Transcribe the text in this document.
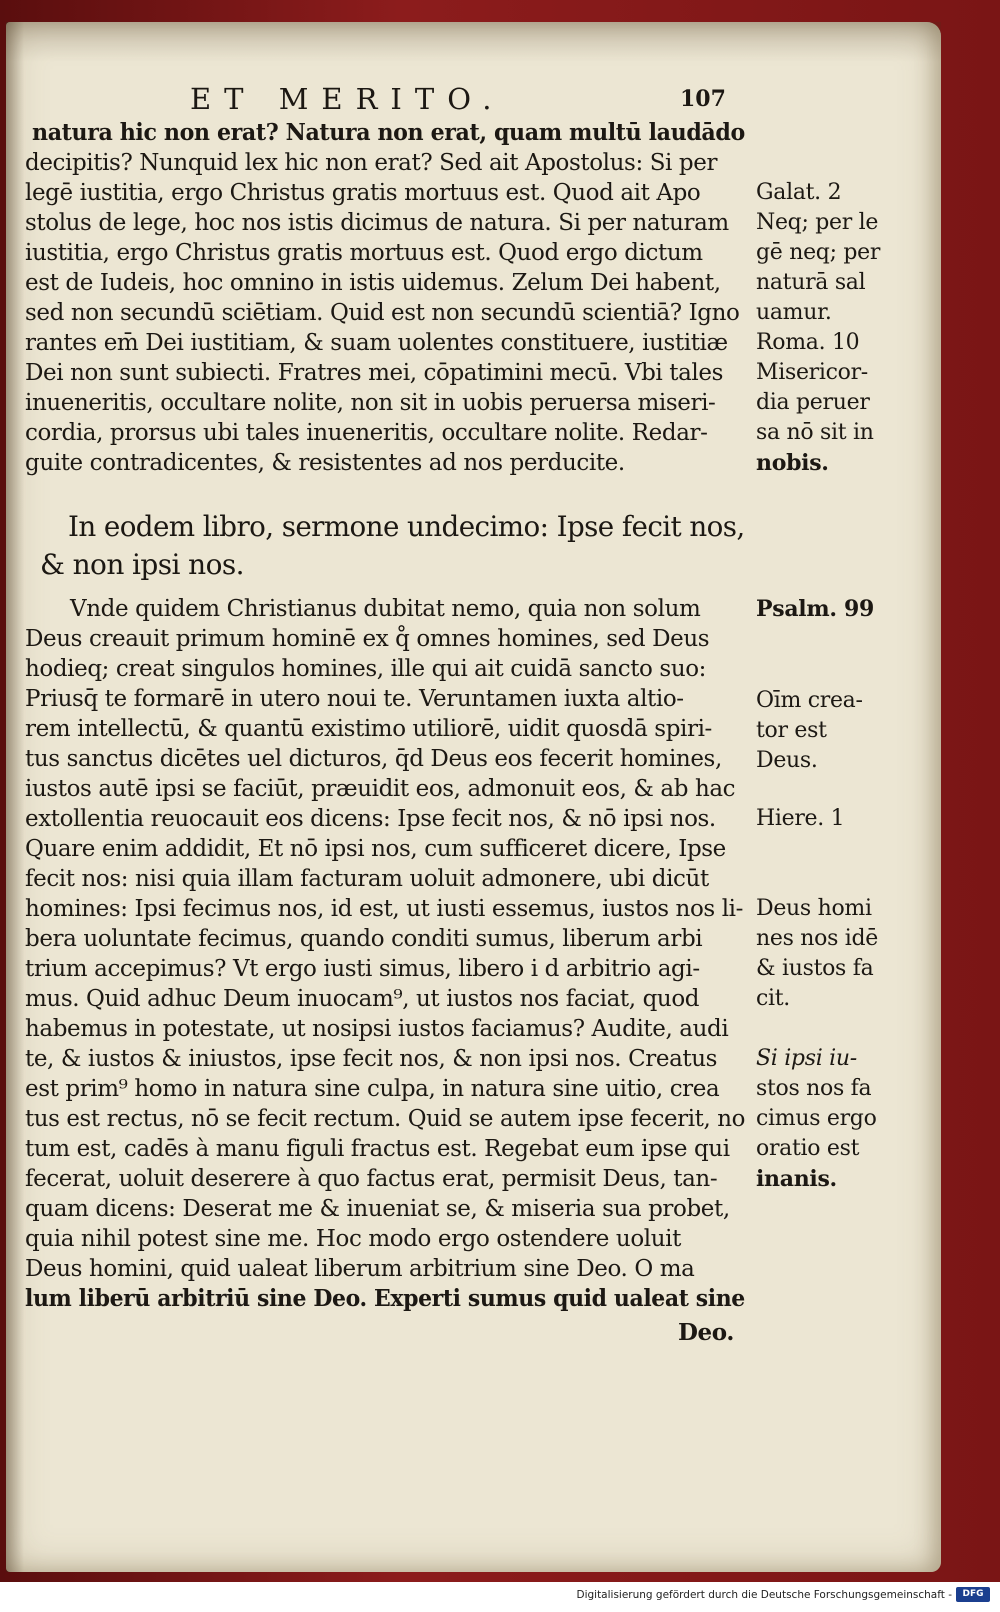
ET MERITO.	107
natura hic non erat? Natura non erat, quam multū laudādo
decipitis? Nunquid lex hic non erat? Sed ait Apostolus: Si per
legē iustitia, ergo Christus gratis mortuus est. Quod ait Apo
stolus de lege, hoc nos istis dicimus de natura. Si per naturam
iustitia, ergo Christus gratis mortuus est. Quod ergo dictum
est de Iudeis, hoc omnino in istis uidemus. Zelum Dei habent,
sed non secundū sciētiam. Quid est non secundū scientiā? Igno
rantes em̄ Dei iustitiam, & suam uolentes constituere, iustitiæ
Dei non sunt subiecti. Fratres mei, cōpatimini mecū. Vbi tales
inueneritis, occultare nolite, non sit in uobis peruersa miseri-
cordia, prorsus ubi tales inueneritis, occultare nolite. Redar-
guite contradicentes, & resistentes ad nos perducite.
Galat. 2
Neq; per le
gē neq; per
naturā sal
uamur.
Roma. 10
Misericor-
dia peruer
sa nō sit in
nobis.
In eodem libro, sermone undecimo: Ipse fecit nos,
& non ipsi nos.
Vnde quidem Christianus dubitat nemo, quia non solum
Deus creauit primum hominē ex q̊ omnes homines, sed Deus
hodieq; creat singulos homines, ille qui ait cuidā sancto suo:
Priusq̄ te formarē in utero noui te. Veruntamen iuxta altio-
rem intellectū, & quantū existimo utiliorē, uidit quosdā spiri-
tus sanctus dicētes uel dicturos, q̄d Deus eos fecerit homines,
iustos autē ipsi se faciūt, præuidit eos, admonuit eos, & ab hac
extollentia reuocauit eos dicens: Ipse fecit nos, & nō ipsi nos.
Quare enim addidit, Et nō ipsi nos, cum sufficeret dicere, Ipse
fecit nos: nisi quia illam facturam uoluit admonere, ubi dicūt
homines: Ipsi fecimus nos, id est, ut iusti essemus, iustos nos li-
bera uoluntate fecimus, quando conditi sumus, liberum arbi
trium accepimus? Vt ergo iusti simus, libero i d arbitrio agi-
mus. Quid adhuc Deum inuocam⁹, ut iustos nos faciat, quod
habemus in potestate, ut nosipsi iustos faciamus? Audite, audi
te, & iustos & iniustos, ipse fecit nos, & non ipsi nos. Creatus
est prim⁹ homo in natura sine culpa, in natura sine uitio, crea
tus est rectus, nō se fecit rectum. Quid se autem ipse fecerit, no
tum est, cadēs à manu figuli fractus est. Regebat eum ipse qui
fecerat, uoluit deserere à quo factus erat, permisit Deus, tan-
quam dicens: Deserat me & inueniat se, & miseria sua probet,
quia nihil potest sine me. Hoc modo ergo ostendere uoluit
Deus homini, quid ualeat liberum arbitrium sine Deo. O ma
lum liberū arbitriū sine Deo. Experti sumus quid ualeat sine
Deo.
Psalm. 99
Oīm crea-
tor est
Deus.
Hiere. 1
Deus homi
nes nos idē
& iustos fa
cit.
Si ipsi iu-
stos nos fa
cimus ergo
oratio est
inanis.
Digitalisierung gefördert durch die Deutsche Forschungsgemeinschaft -	DFG
